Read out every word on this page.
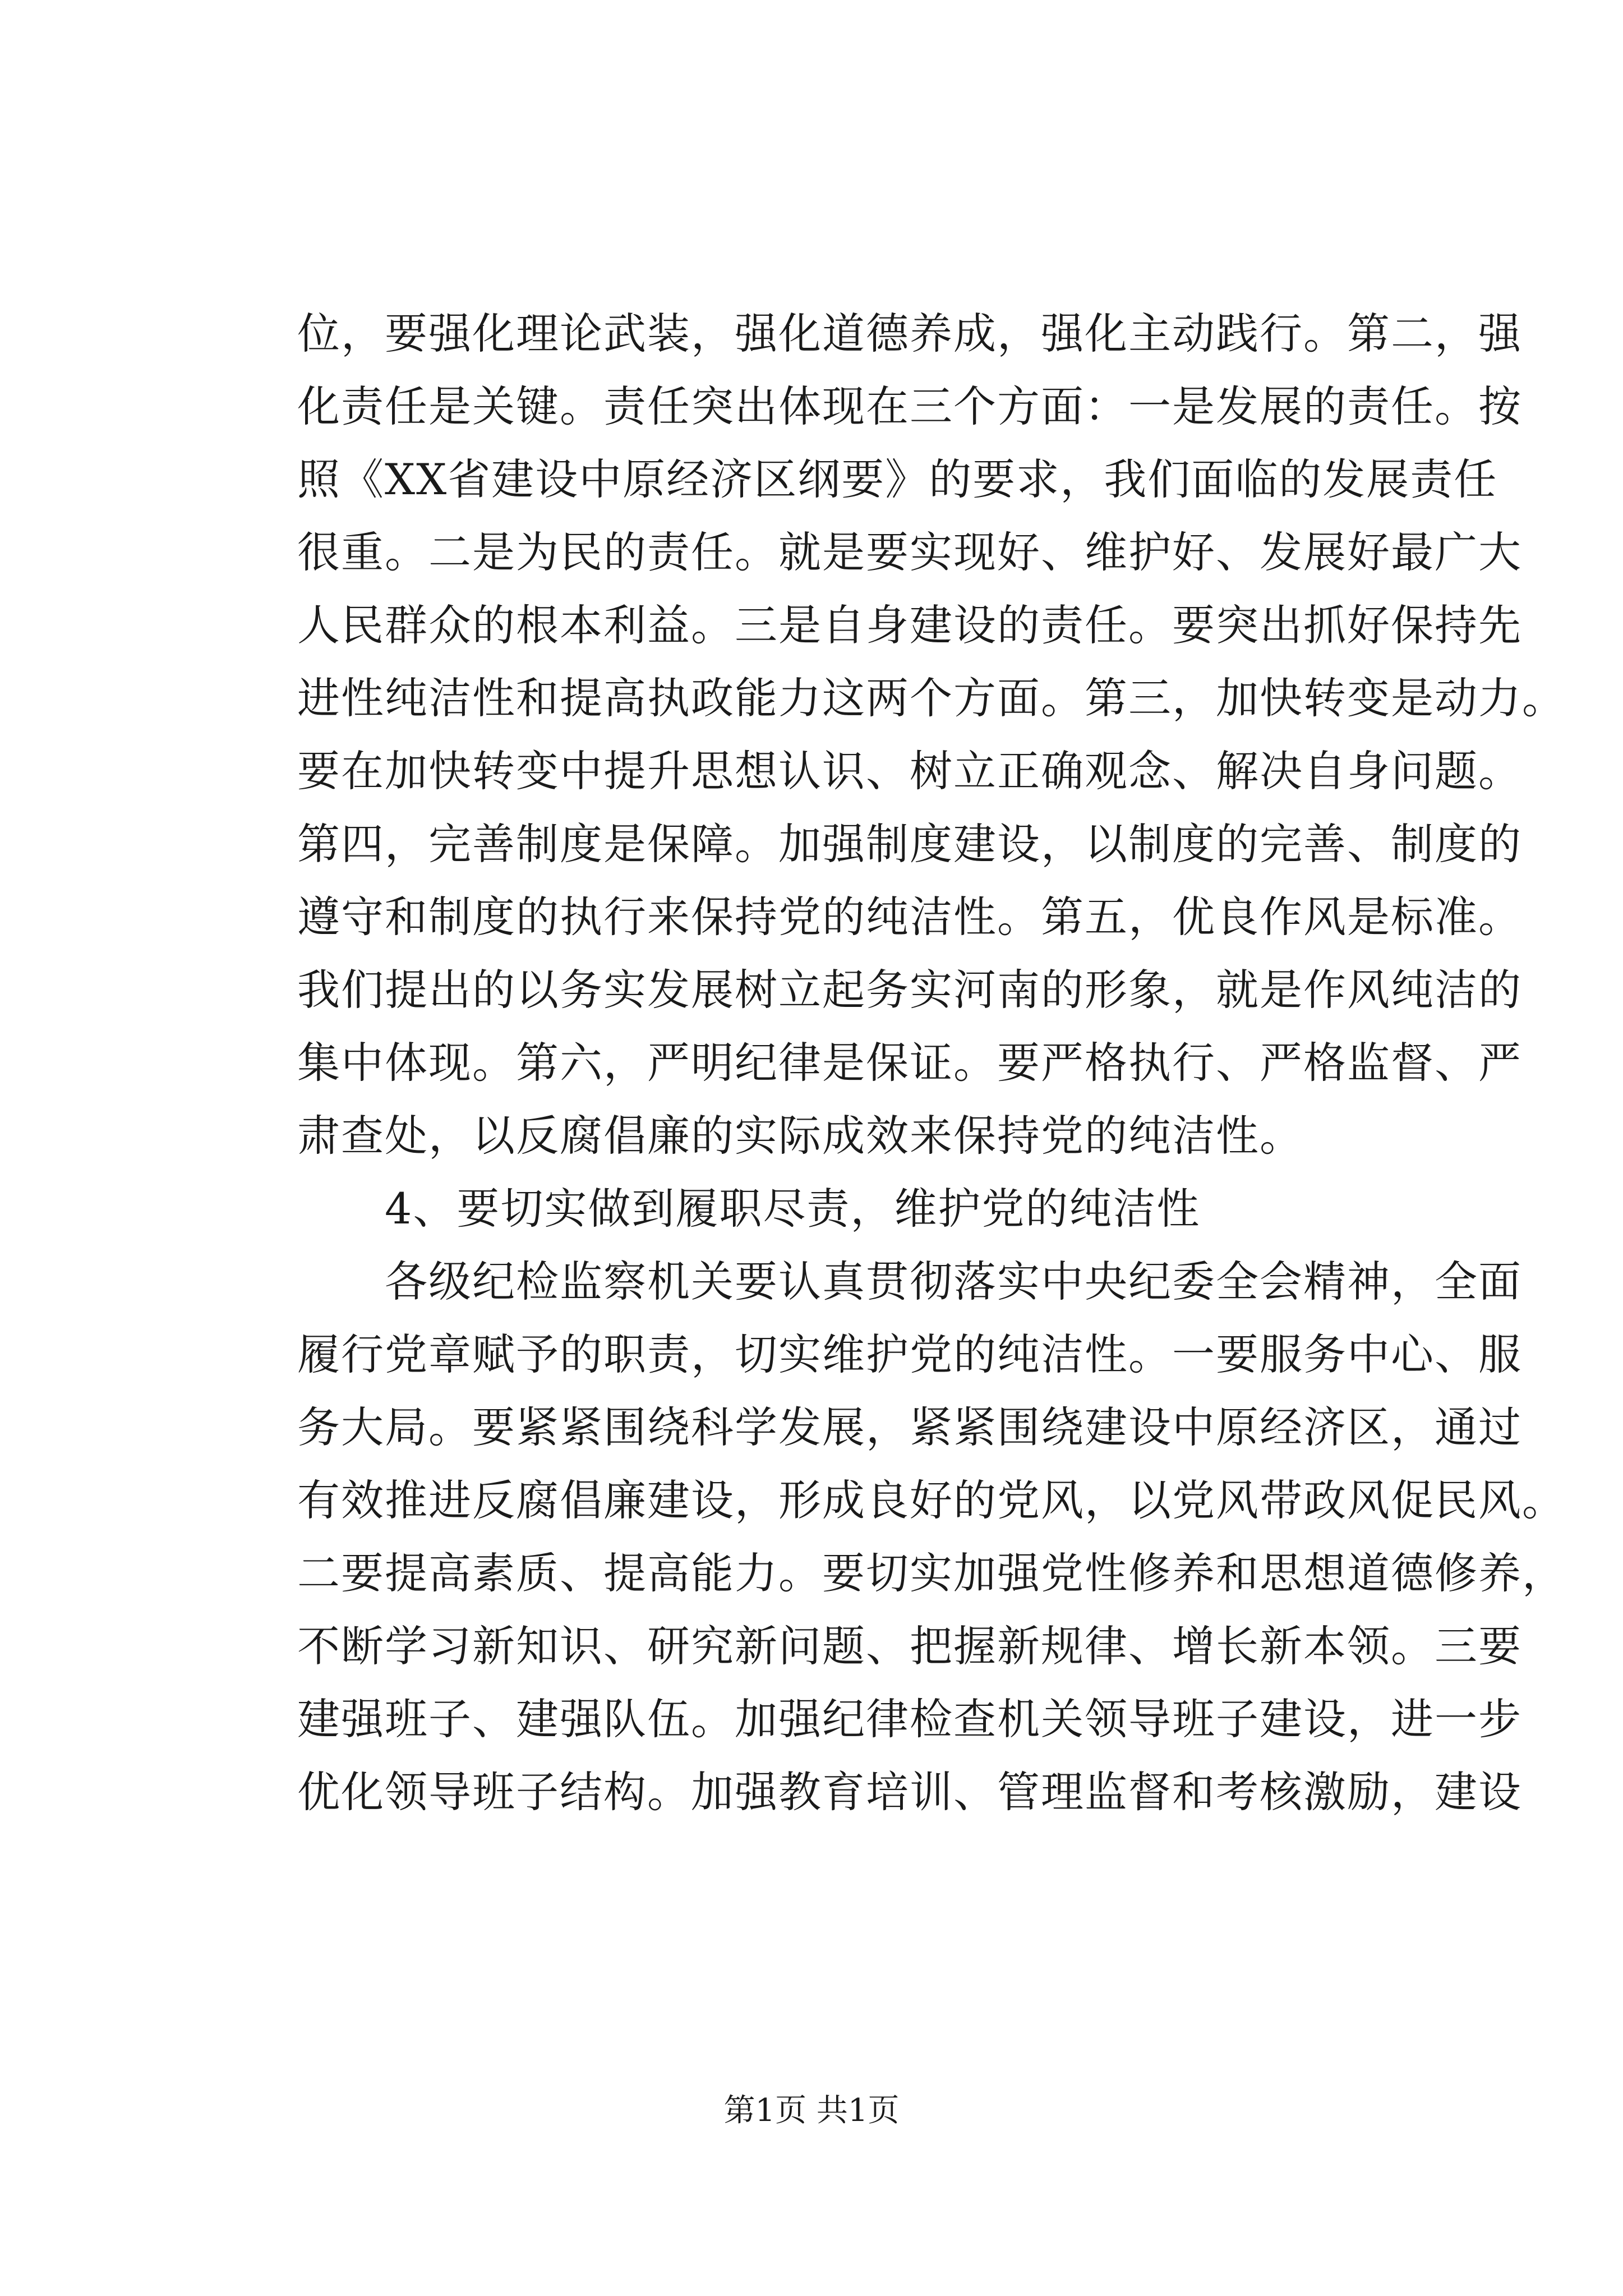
位，要强化理论武装，强化道德养成，强化主动践行。第二，强
化责任是关键。责任突出体现在三个方面：一是发展的责任。按
照《XX省建设中原经济区纲要》的要求，我们面临的发展责任
很重。二是为民的责任。就是要实现好、维护好、发展好最广大
人民群众的根本利益。三是自身建设的责任。要突出抓好保持先
进性纯洁性和提高执政能力这两个方面。第三，加快转变是动力。
要在加快转变中提升思想认识、树立正确观念、解决自身问题。
第四，完善制度是保障。加强制度建设，以制度的完善、制度的
遵守和制度的执行来保持党的纯洁性。第五，优良作风是标准。
我们提出的以务实发展树立起务实河南的形象，就是作风纯洁的
集中体现。第六，严明纪律是保证。要严格执行、严格监督、严
肃查处，以反腐倡廉的实际成效来保持党的纯洁性。
4、要切实做到履职尽责，维护党的纯洁性
各级纪检监察机关要认真贯彻落实中央纪委全会精神，全面
履行党章赋予的职责，切实维护党的纯洁性。一要服务中心、服
务大局。要紧紧围绕科学发展，紧紧围绕建设中原经济区，通过
有效推进反腐倡廉建设，形成良好的党风，以党风带政风促民风。
二要提高素质、提高能力。要切实加强党性修养和思想道德修养，
不断学习新知识、研究新问题、把握新规律、增长新本领。三要
建强班子、建强队伍。加强纪律检查机关领导班子建设，进一步
优化领导班子结构。加强教育培训、管理监督和考核激励，建设
第1页 共1页
